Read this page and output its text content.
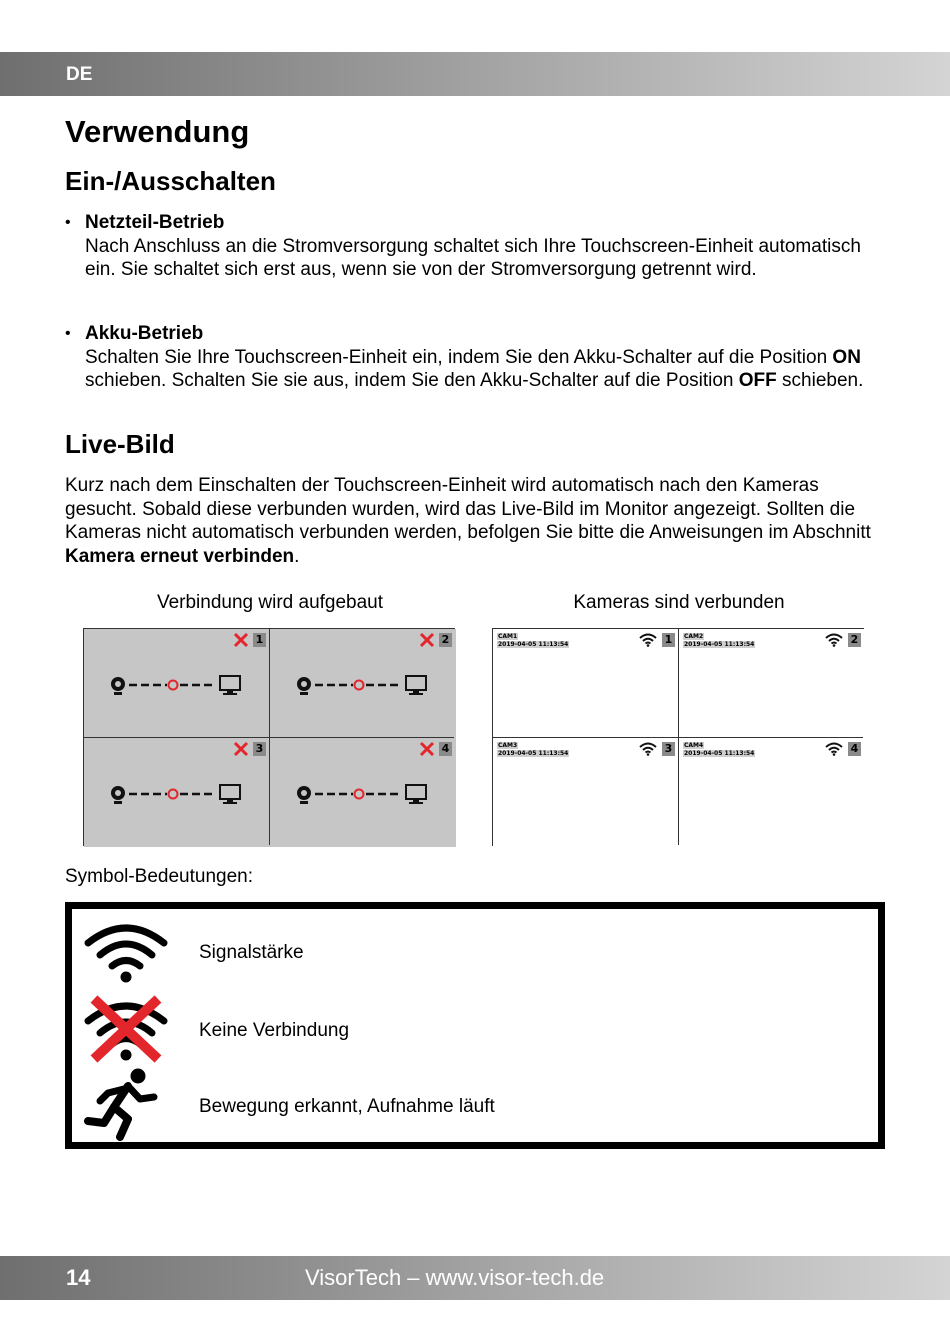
DE
Verwendung
Ein-/Ausschalten
• Netzteil-Betrieb
Nach Anschluss an die Stromversorgung schaltet sich Ihre Touchscreen-Einheit automatisch ein. Sie schaltet sich erst aus, wenn sie von der Stromversorgung getrennt wird.
• Akku-Betrieb
Schalten Sie Ihre Touchscreen-Einheit ein, indem Sie den Akku-Schalter auf die Position ON schieben. Schalten Sie sie aus, indem Sie den Akku-Schalter auf die Position OFF schieben.
Live-Bild
Kurz nach dem Einschalten der Touchscreen-Einheit wird automatisch nach den Kameras gesucht. Sobald diese verbunden wurden, wird das Live-Bild im Monitor angezeigt. Sollten die Kameras nicht automatisch verbunden werden, befolgen Sie bitte die Anweisungen im Abschnitt Kamera erneut verbinden.
Verbindung wird aufgebaut	Kameras sind verbunden
1	2
3	4
CAM1
2019-04-05 11:13:54	1	CAM2
2019-04-05 11:13:54	2
CAM3
2019-04-05 11:13:54	3	CAM4
2019-04-05 11:13:54	4
Symbol-Bedeutungen:
Signalstärke
Keine Verbindung
Bewegung erkannt, Aufnahme läuft
14	VisorTech – www.visor-tech.de
